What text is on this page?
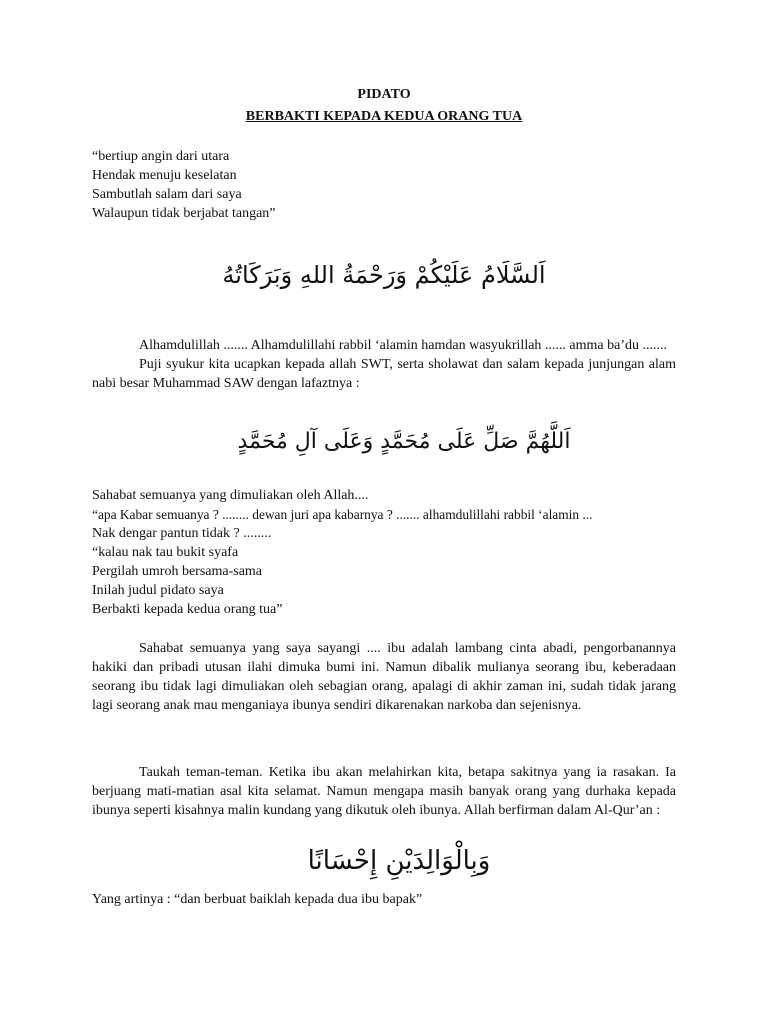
PIDATO

BERBAKTI KEPADA KEDUA ORANG TUA

“bertiup angin dari utara
Hendak menuju keselatan
Sambutlah salam dari saya
Walaupun tidak berjabat tangan”

اَلسَّلَامُ عَلَيْكُمْ وَرَحْمَةُ اللهِ وَبَرَكَاتُهُ

Alhamdulillah ....... Alhamdulillahi rabbil ‘alamin hamdan wasyukrillah ...... amma ba’du .......

Puji syukur kita ucapkan kepada allah SWT, serta sholawat dan salam kepada junjungan alam nabi besar Muhammad SAW dengan lafaztnya :

اَللَّهُمَّ صَلِّ عَلَى مُحَمَّدٍ وَعَلَى آلِ مُحَمَّدٍ

Sahabat semuanya yang dimuliakan oleh Allah....
“apa Kabar semuanya ? ........ dewan juri apa kabarnya ? ....... alhamdulillahi rabbil ‘alamin ...
Nak dengar pantun tidak ? ........
“kalau nak tau bukit syafa
Pergilah umroh bersama-sama
Inilah judul pidato saya
Berbakti kepada kedua orang tua”

Sahabat semuanya yang saya sayangi .... ibu adalah lambang cinta abadi, pengorbanannya hakiki dan pribadi utusan ilahi dimuka bumi ini. Namun dibalik mulianya seorang ibu, keberadaan seorang ibu tidak lagi dimuliakan oleh sebagian orang, apalagi di akhir zaman ini, sudah tidak jarang lagi seorang anak mau menganiaya ibunya sendiri dikarenakan narkoba dan sejenisnya.

Taukah teman-teman. Ketika ibu akan melahirkan kita, betapa sakitnya yang ia rasakan. Ia berjuang mati-matian asal kita selamat. Namun mengapa masih banyak orang yang durhaka kepada ibunya seperti kisahnya malin kundang yang dikutuk oleh ibunya. Allah berfirman dalam Al-Qur’an :

وَبِالْوَالِدَيْنِ إِحْسَانًا

Yang artinya : “dan berbuat baiklah kepada dua ibu bapak”
